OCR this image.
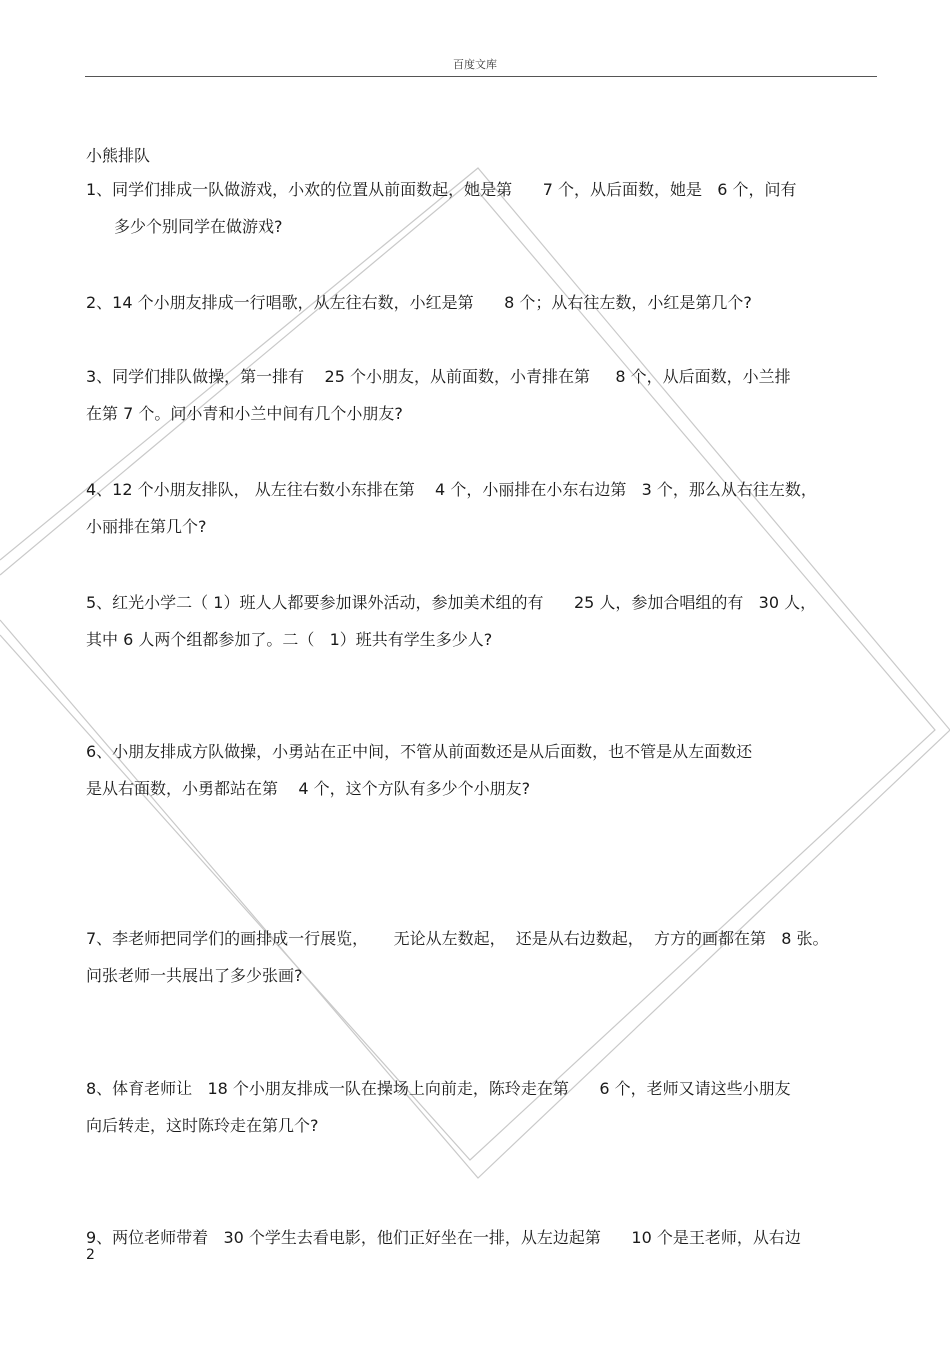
百度文库
小熊排队
1、同学们排成一队做游戏，小欢的位置从前面数起，她是第      7 个，从后面数，她是   6 个，问有
多少个别同学在做游戏?
2、14 个小朋友排成一行唱歌，从左往右数，小红是第      8 个；从右往左数，小红是第几个?
3、同学们排队做操，第一排有    25 个小朋友，从前面数，小青排在第     8 个，从后面数，小兰排
在第 7 个。问小青和小兰中间有几个小朋友?
4、12 个小朋友排队， 从左往右数小东排在第    4 个，小丽排在小东右边第   3 个，那么从右往左数，
小丽排在第几个?
5、红光小学二（ 1）班人人都要参加课外活动，参加美术组的有      25 人，参加合唱组的有   30 人，
其中 6 人两个组都参加了。二（   1）班共有学生多少人?
6、小朋友排成方队做操，小勇站在正中间，不管从前面数还是从后面数，也不管是从左面数还
是从右面数，小勇都站在第    4 个，这个方队有多少个小朋友?
7、李老师把同学们的画排成一行展览，     无论从左数起，  还是从右边数起，  方方的画都在第   8 张。
问张老师一共展出了多少张画?
8、体育老师让   18 个小朋友排成一队在操场上向前走，陈玲走在第      6 个，老师又请这些小朋友
向后转走，这时陈玲走在第几个?
9、两位老师带着   30 个学生去看电影，他们正好坐在一排，从左边起第      10 个是王老师，从右边
2
